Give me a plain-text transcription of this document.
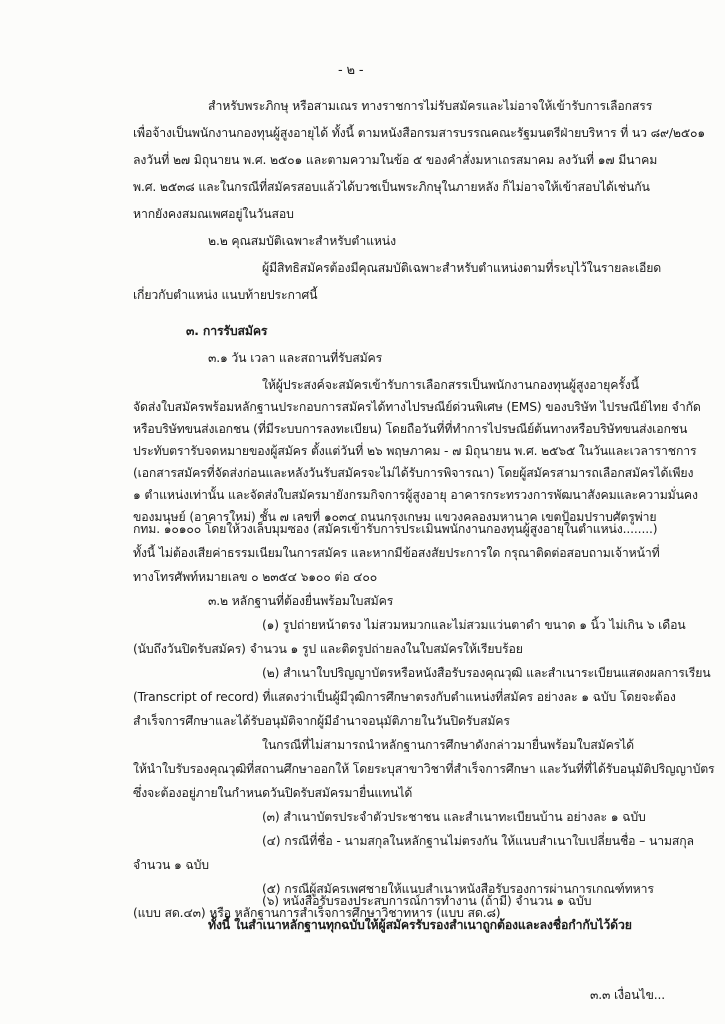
- ๒ -
สำหรับพระภิกษุ หรือสามเณร ทางราชการไม่รับสมัครและไม่อาจให้เข้ารับการเลือกสรร
เพื่อจ้างเป็นพนักงานกองทุนผู้สูงอายุได้ ทั้งนี้ ตามหนังสือกรมสารบรรณคณะรัฐมนตรีฝ่ายบริหาร ที่ นว ๘๙/๒๕๐๑
ลงวันที่ ๒๗ มิถุนายน พ.ศ. ๒๕๐๑ และตามความในข้อ ๕ ของคำสั่งมหาเถรสมาคม ลงวันที่ ๑๗ มีนาคม
พ.ศ. ๒๕๓๘ และในกรณีที่สมัครสอบแล้วได้บวชเป็นพระภิกษุในภายหลัง ก็ไม่อาจให้เข้าสอบได้เช่นกัน
หากยังคงสมณเพศอยู่ในวันสอบ
๒.๒ คุณสมบัติเฉพาะสำหรับตำแหน่ง
ผู้มีสิทธิสมัครต้องมีคุณสมบัติเฉพาะสำหรับตำแหน่งตามที่ระบุไว้ในรายละเอียด
เกี่ยวกับตำแหน่ง แนบท้ายประกาศนี้
๓. การรับสมัคร
๓.๑ วัน เวลา และสถานที่รับสมัคร
ให้ผู้ประสงค์จะสมัครเข้ารับการเลือกสรรเป็นพนักงานกองทุนผู้สูงอายุครั้งนี้
จัดส่งใบสมัครพร้อมหลักฐานประกอบการสมัครได้ทางไปรษณีย์ด่วนพิเศษ (EMS) ของบริษัท ไปรษณีย์ไทย จำกัด
หรือบริษัทขนส่งเอกชน (ที่มีระบบการลงทะเบียน) โดยถือวันที่ที่ทำการไปรษณีย์ต้นทางหรือบริษัทขนส่งเอกชน
ประทับตรารับจดหมายของผู้สมัคร ตั้งแต่วันที่ ๒๖ พฤษภาคม - ๗ มิถุนายน พ.ศ. ๒๕๖๕ ในวันและเวลาราชการ
(เอกสารสมัครที่จัดส่งก่อนและหลังวันรับสมัครจะไม่ได้รับการพิจารณา) โดยผู้สมัครสามารถเลือกสมัครได้เพียง
๑ ตำแหน่งเท่านั้น และจัดส่งใบสมัครมายังกรมกิจการผู้สูงอายุ อาคารกระทรวงการพัฒนาสังคมและความมั่นคง
ของมนุษย์ (อาคารใหม่) ชั้น ๗ เลขที่ ๑๐๓๔ ถนนกรุงเกษม แขวงคลองมหานาค เขตป้อมปราบศัตรูพ่าย
กทม. ๑๐๑๐๐ โดยให้วงเล็บมุมซอง (สมัครเข้ารับการประเมินพนักงานกองทุนผู้สูงอายุในตำแหน่ง........)
ทั้งนี้ ไม่ต้องเสียค่าธรรมเนียมในการสมัคร และหากมีข้อสงสัยประการใด กรุณาติดต่อสอบถามเจ้าหน้าที่
ทางโทรศัพท์หมายเลข ๐ ๒๓๕๔ ๖๑๐๐ ต่อ ๔๐๐
๓.๒ หลักฐานที่ต้องยื่นพร้อมใบสมัคร
(๑) รูปถ่ายหน้าตรง ไม่สวมหมวกและไม่สวมแว่นตาดำ ขนาด ๑ นิ้ว ไม่เกิน ๖ เดือน
(นับถึงวันปิดรับสมัคร) จำนวน ๑ รูป และติดรูปถ่ายลงในใบสมัครให้เรียบร้อย
(๒) สำเนาใบปริญญาบัตรหรือหนังสือรับรองคุณวุฒิ และสำเนาระเบียนแสดงผลการเรียน
(Transcript of record) ที่แสดงว่าเป็นผู้มีวุฒิการศึกษาตรงกับตำแหน่งที่สมัคร อย่างละ ๑ ฉบับ โดยจะต้อง
สำเร็จการศึกษาและได้รับอนุมัติจากผู้มีอำนาจอนุมัติภายในวันปิดรับสมัคร
ในกรณีที่ไม่สามารถนำหลักฐานการศึกษาดังกล่าวมายื่นพร้อมใบสมัครได้
ให้นำใบรับรองคุณวุฒิที่สถานศึกษาออกให้ โดยระบุสาขาวิชาที่สำเร็จการศึกษา และวันที่ที่ได้รับอนุมัติปริญญาบัตร
ซึ่งจะต้องอยู่ภายในกำหนดวันปิดรับสมัครมายื่นแทนได้
(๓) สำเนาบัตรประจำตัวประชาชน และสำเนาทะเบียนบ้าน อย่างละ ๑ ฉบับ
(๔) กรณีที่ชื่อ - นามสกุลในหลักฐานไม่ตรงกัน ให้แนบสำเนาใบเปลี่ยนชื่อ – นามสกุล
จำนวน ๑ ฉบับ
(๕) กรณีผู้สมัครเพศชายให้แนบสำเนาหนังสือรับรองการผ่านการเกณฑ์ทหาร
(แบบ สด.๔๓) หรือ หลักฐานการสำเร็จการศึกษาวิชาทหาร (แบบ สด.๘)
(๖) หนังสือรับรองประสบการณ์การทำงาน (ถ้ามี) จำนวน ๑ ฉบับ
ทั้งนี้ ในสำเนาหลักฐานทุกฉบับให้ผู้สมัครรับรองสำเนาถูกต้องและลงชื่อกำกับไว้ด้วย
๓.๓ เงื่อนไข...
